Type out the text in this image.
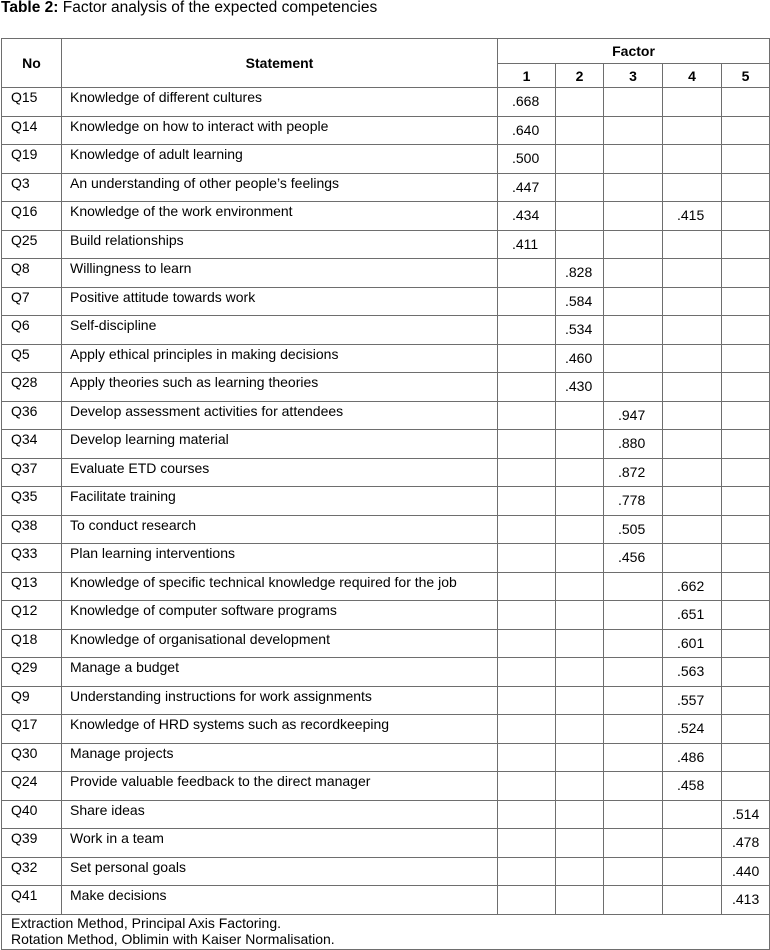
Table 2: Factor analysis of the expected competencies
No	Statement	Factor				
		1	2	3	4	5
Q15	Knowledge of different cultures	.668				
Q14	Knowledge on how to interact with people	.640				
Q19	Knowledge of adult learning	.500				
Q3	An understanding of other people’s feelings	.447				
Q16	Knowledge of the work environment	.434			.415	
Q25	Build relationships	.411				
Q8	Willingness to learn		.828			
Q7	Positive attitude towards work		.584			
Q6	Self-discipline		.534			
Q5	Apply ethical principles in making decisions		.460			
Q28	Apply theories such as learning theories		.430			
Q36	Develop assessment activities for attendees			.947		
Q34	Develop learning material			.880		
Q37	Evaluate ETD courses			.872		
Q35	Facilitate training			.778		
Q38	To conduct research			.505		
Q33	Plan learning interventions			.456		
Q13	Knowledge of specific technical knowledge required for the job				.662	
Q12	Knowledge of computer software programs				.651	
Q18	Knowledge of organisational development				.601	
Q29	Manage a budget				.563	
Q9	Understanding instructions for work assignments				.557	
Q17	Knowledge of HRD systems such as recordkeeping				.524	
Q30	Manage projects				.486	
Q24	Provide valuable feedback to the direct manager				.458	
Q40	Share ideas					.514
Q39	Work in a team					.478
Q32	Set personal goals					.440
Q41	Make decisions					.413

Extraction Method, Principal Axis Factoring.
Rotation Method, Oblimin with Kaiser Normalisation.						
